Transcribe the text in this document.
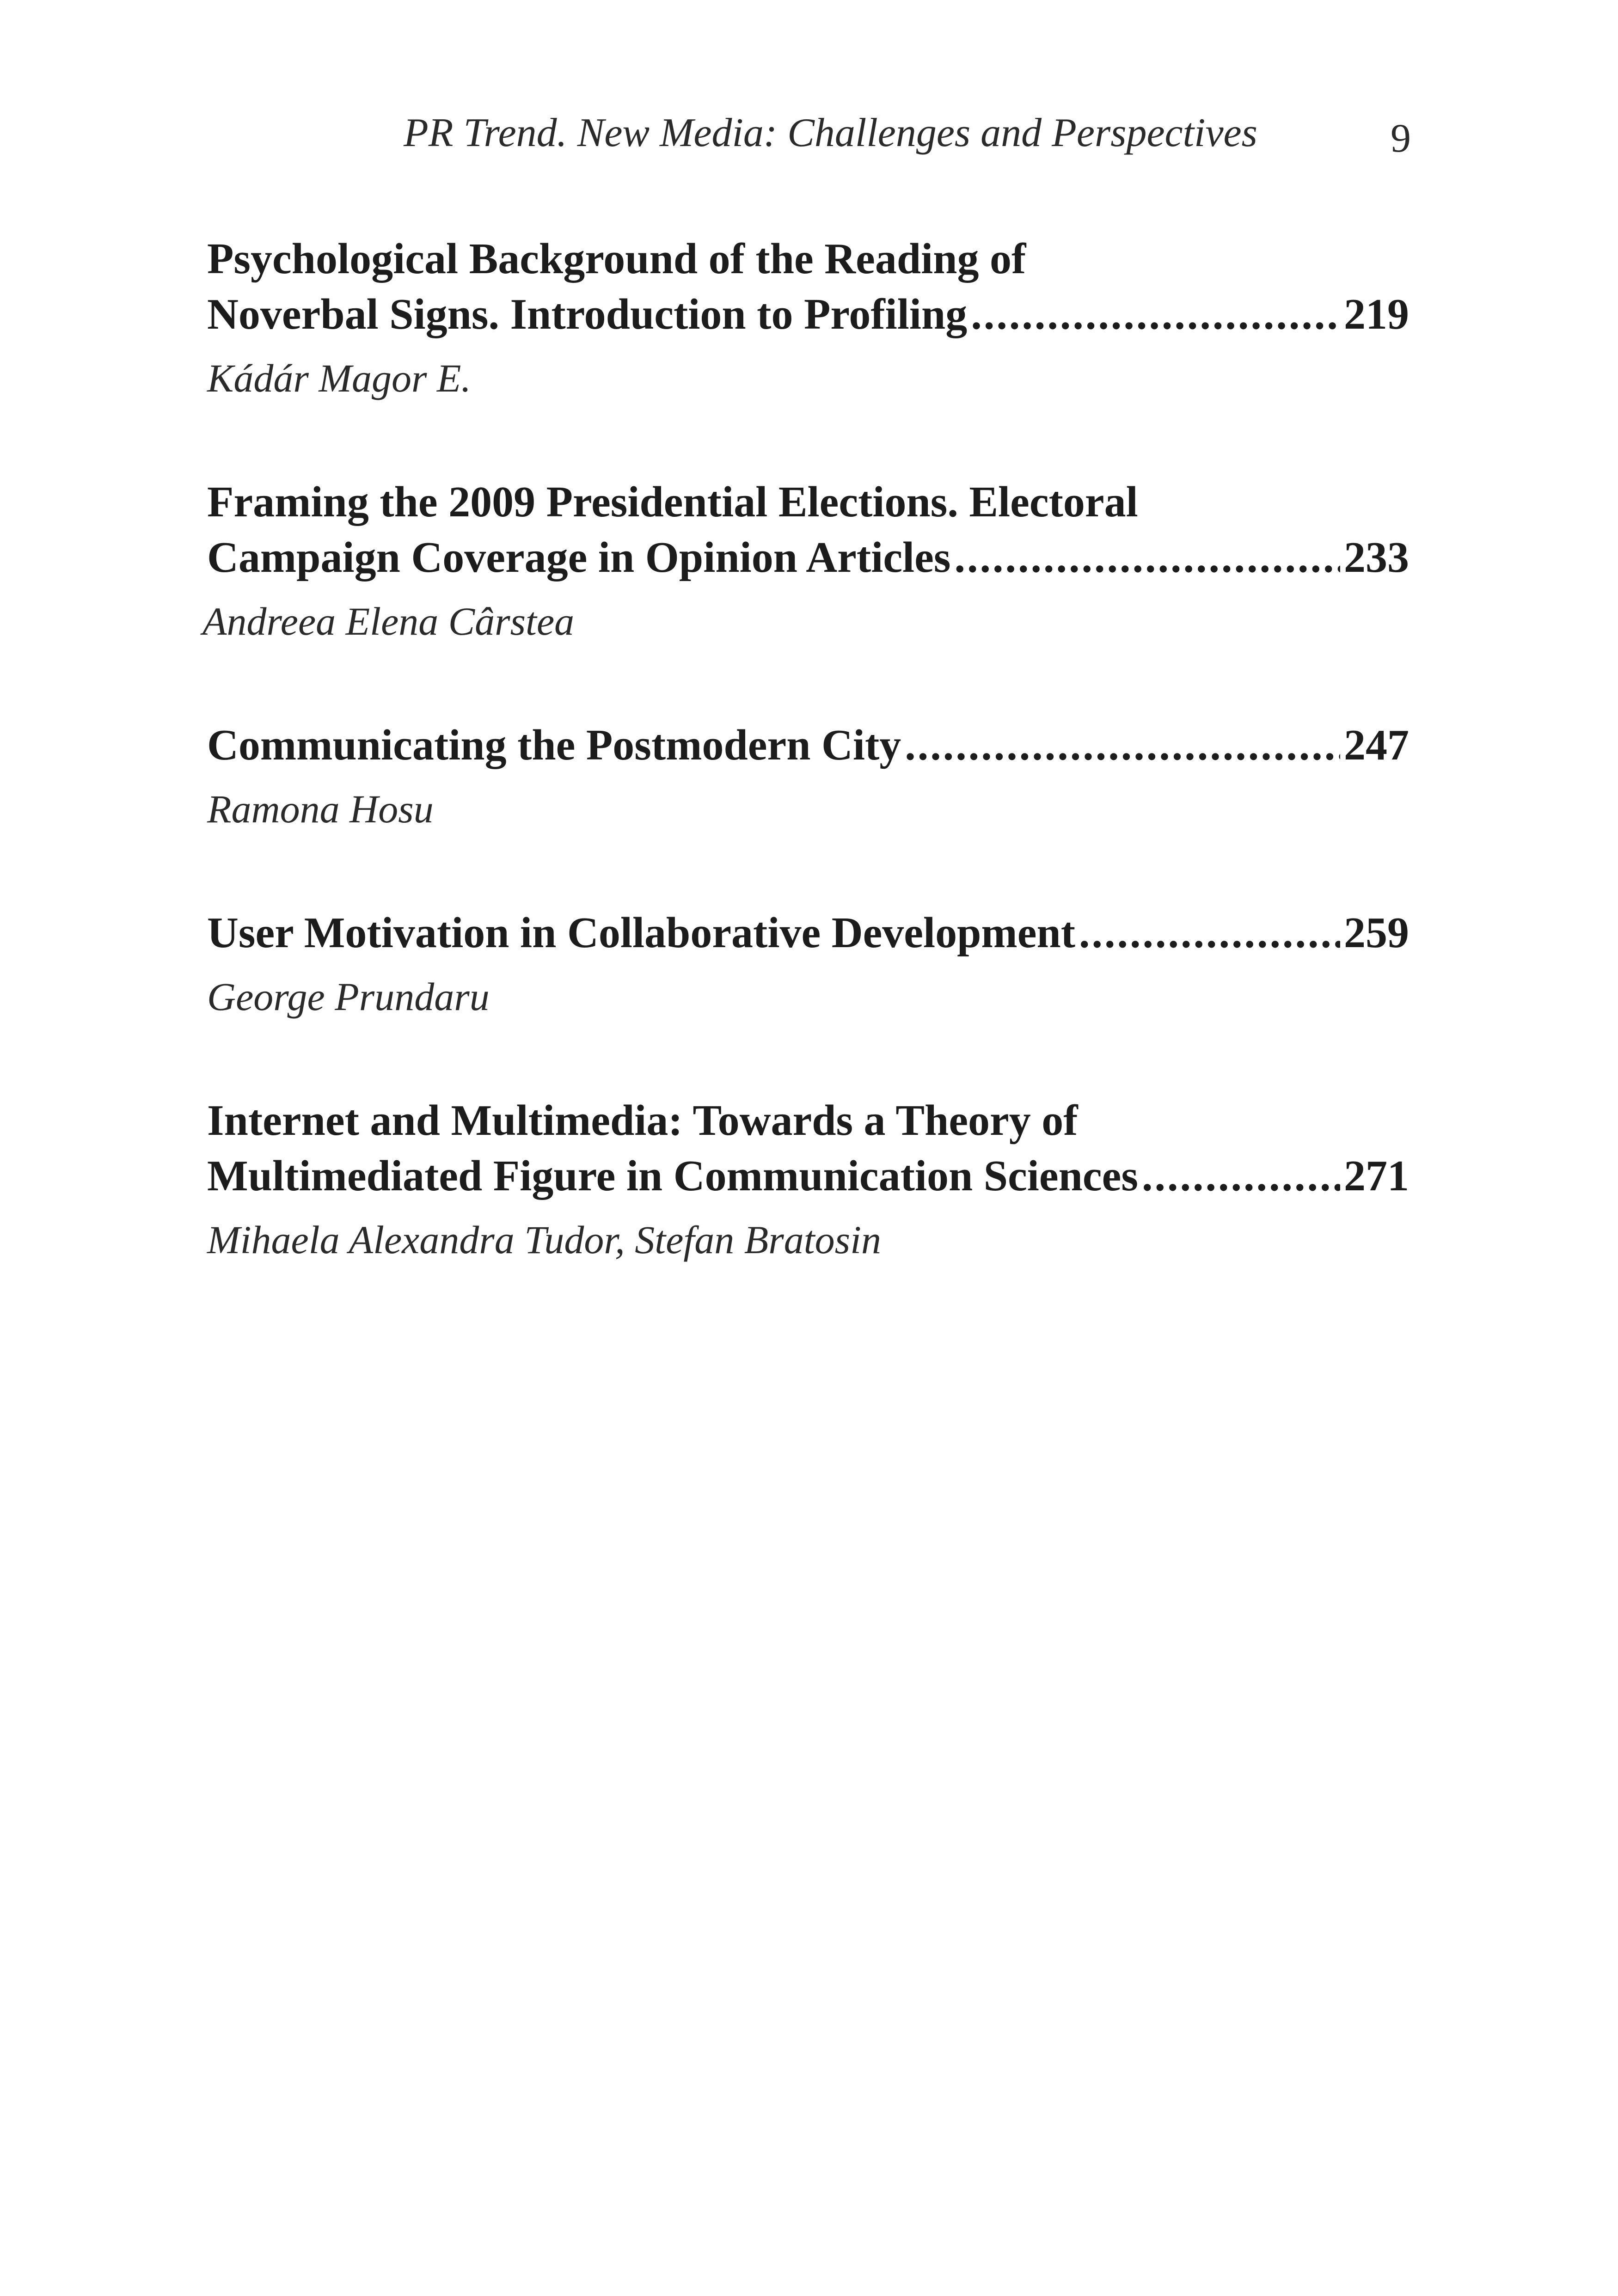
PR Trend. New Media: Challenges and Perspectives	9
Psychological Background of the Reading of
Noverbal Signs. Introduction to Profiling .....	219
Kádár Magor E.
Framing the 2009 Presidential Elections. Electoral
Campaign Coverage in Opinion Articles .....	233
Andreea Elena Cârstea
Communicating the Postmodern City .....	247
Ramona Hosu
User Motivation in Collaborative Development .....	259
George Prundaru
Internet and Multimedia: Towards a Theory of
Multimediated Figure in Communication Sciences .....	271
Mihaela Alexandra Tudor, Stefan Bratosin
